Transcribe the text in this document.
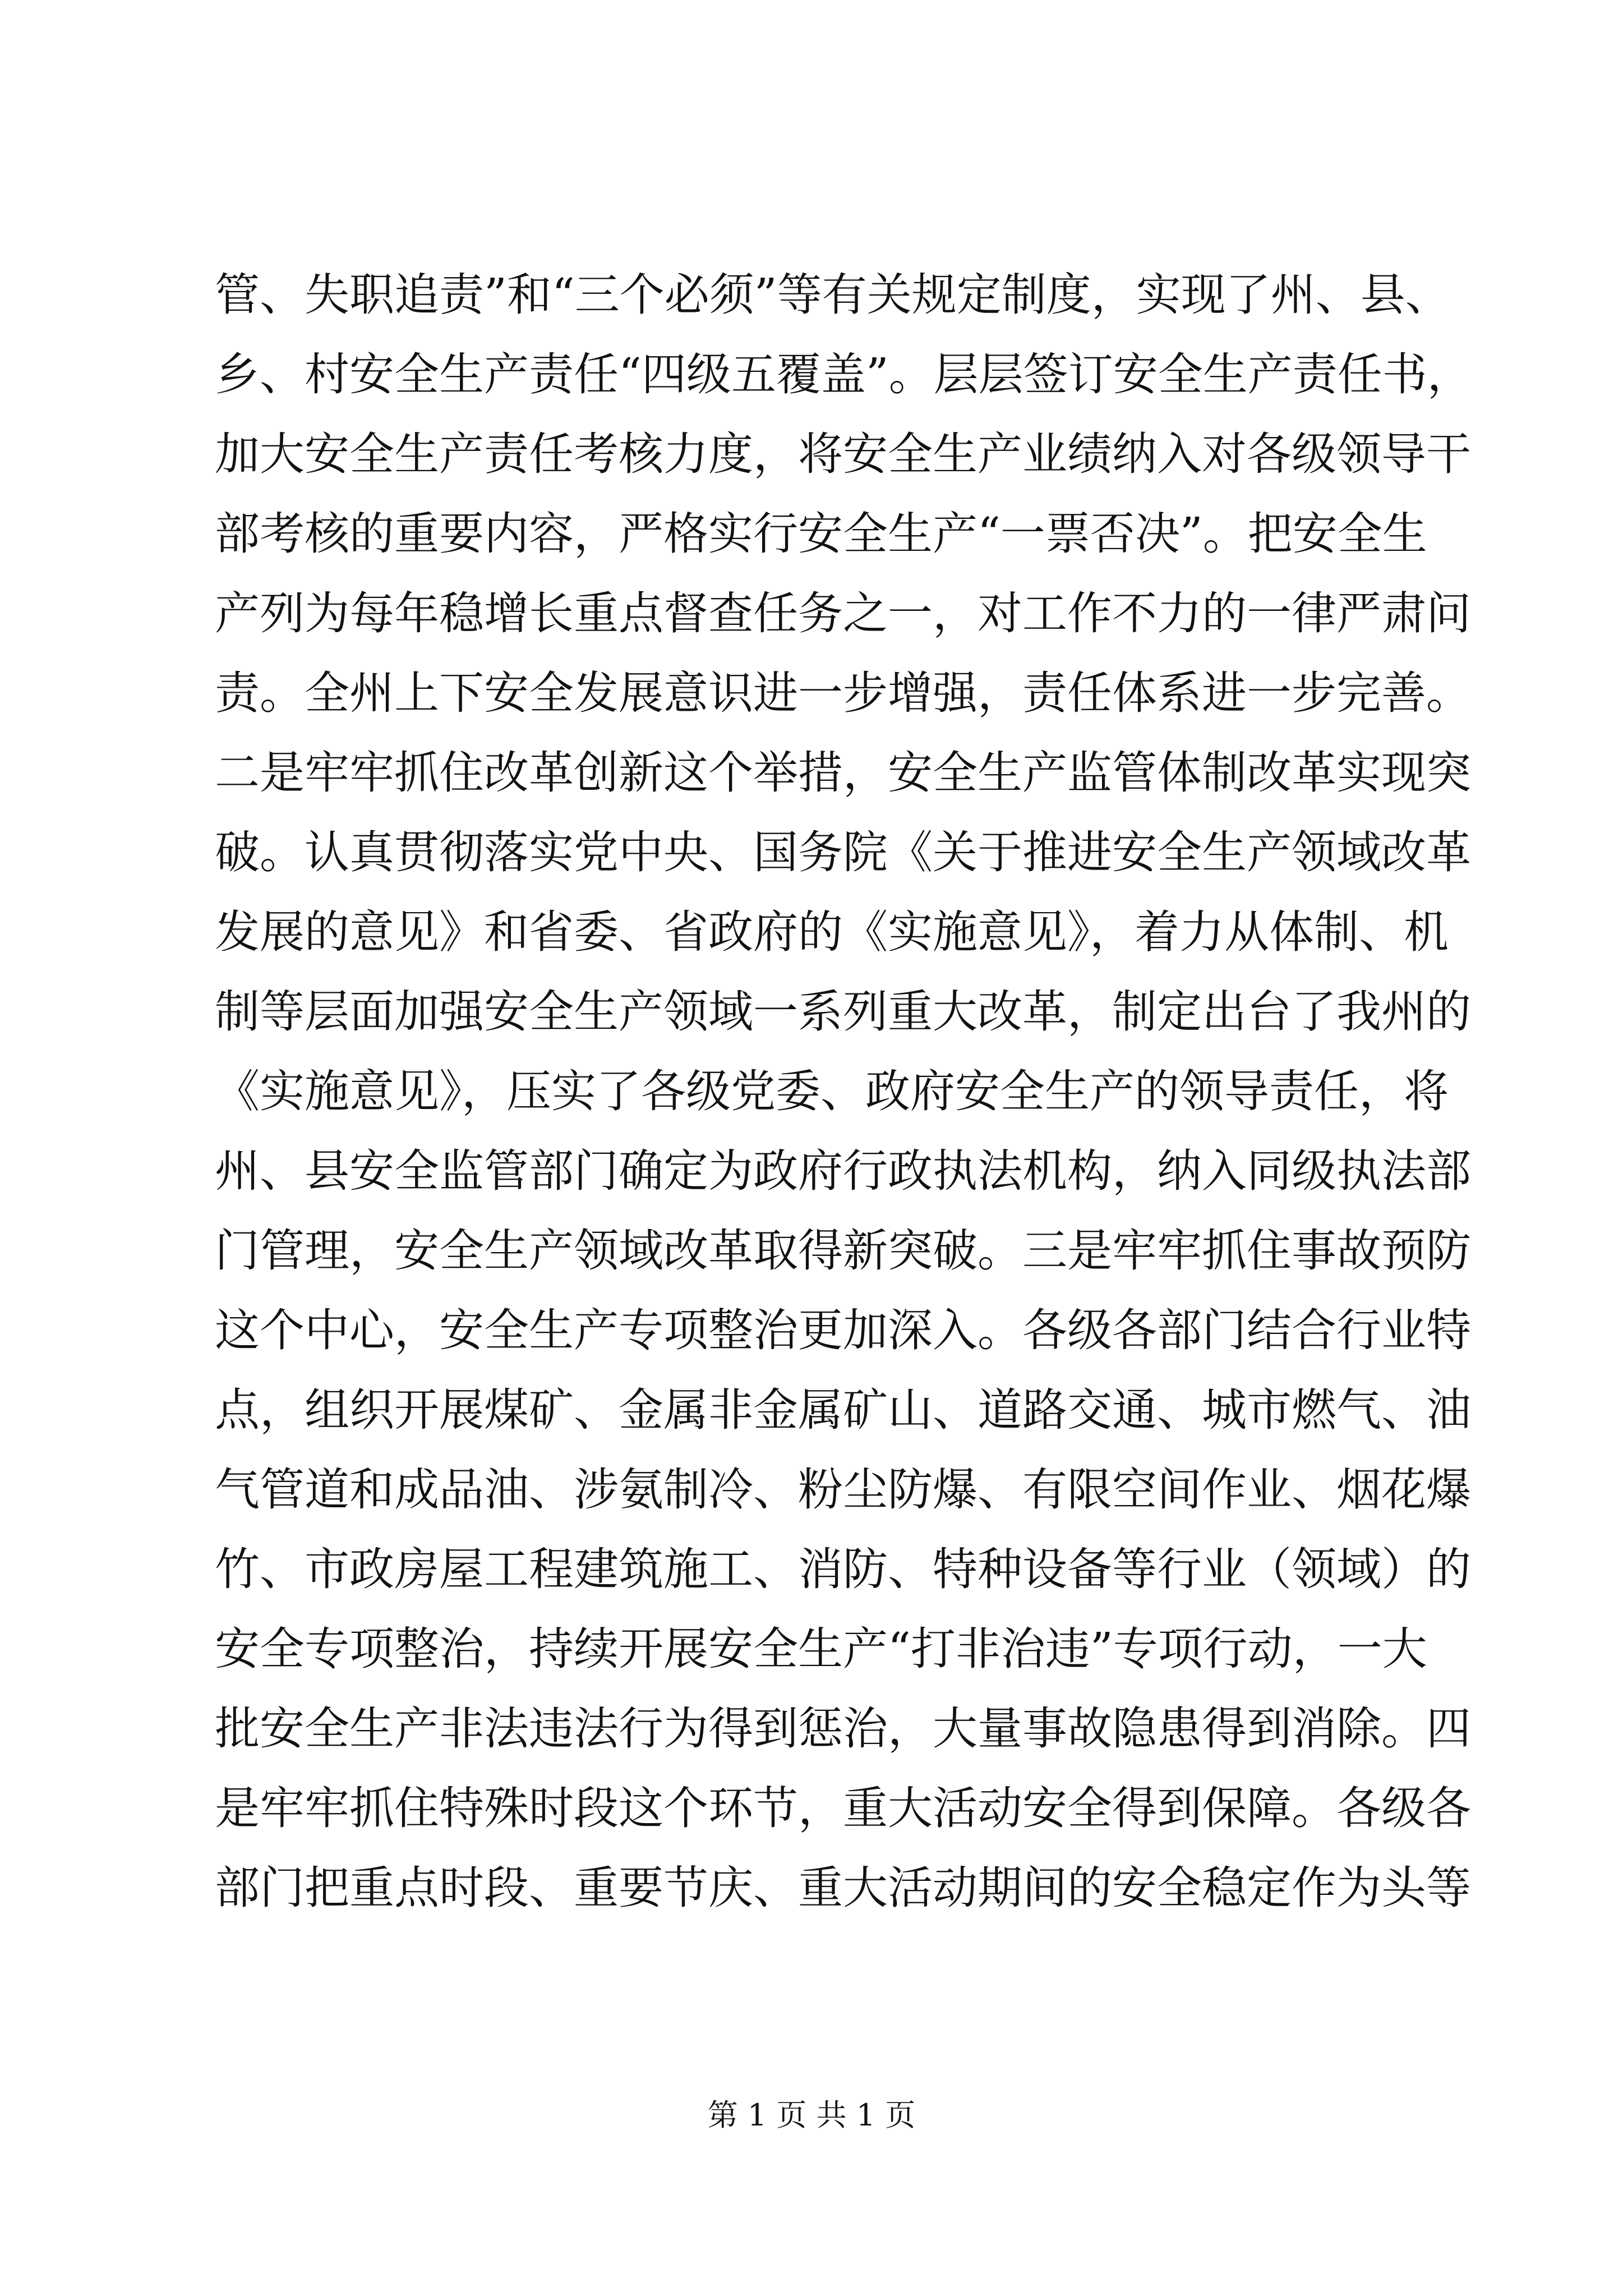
管、失职追责”和“三个必须”等有关规定制度，实现了州、县、
乡、村安全生产责任“四级五覆盖”。层层签订安全生产责任书，
加大安全生产责任考核力度，将安全生产业绩纳入对各级领导干
部考核的重要内容，严格实行安全生产“一票否决”。把安全生
产列为每年稳增长重点督查任务之一，对工作不力的一律严肃问
责。全州上下安全发展意识进一步增强，责任体系进一步完善。
二是牢牢抓住改革创新这个举措，安全生产监管体制改革实现突
破。认真贯彻落实党中央、国务院《关于推进安全生产领域改革
发展的意见》和省委、省政府的《实施意见》，着力从体制、机
制等层面加强安全生产领域一系列重大改革，制定出台了我州的
《实施意见》，压实了各级党委、政府安全生产的领导责任，将
州、县安全监管部门确定为政府行政执法机构，纳入同级执法部
门管理，安全生产领域改革取得新突破。三是牢牢抓住事故预防
这个中心，安全生产专项整治更加深入。各级各部门结合行业特
点，组织开展煤矿、金属非金属矿山、道路交通、城市燃气、油
气管道和成品油、涉氨制冷、粉尘防爆、有限空间作业、烟花爆
竹、市政房屋工程建筑施工、消防、特种设备等行业（领域）的
安全专项整治，持续开展安全生产“打非治违”专项行动，一大
批安全生产非法违法行为得到惩治，大量事故隐患得到消除。四
是牢牢抓住特殊时段这个环节，重大活动安全得到保障。各级各
部门把重点时段、重要节庆、重大活动期间的安全稳定作为头等
第 1 页 共 1 页
